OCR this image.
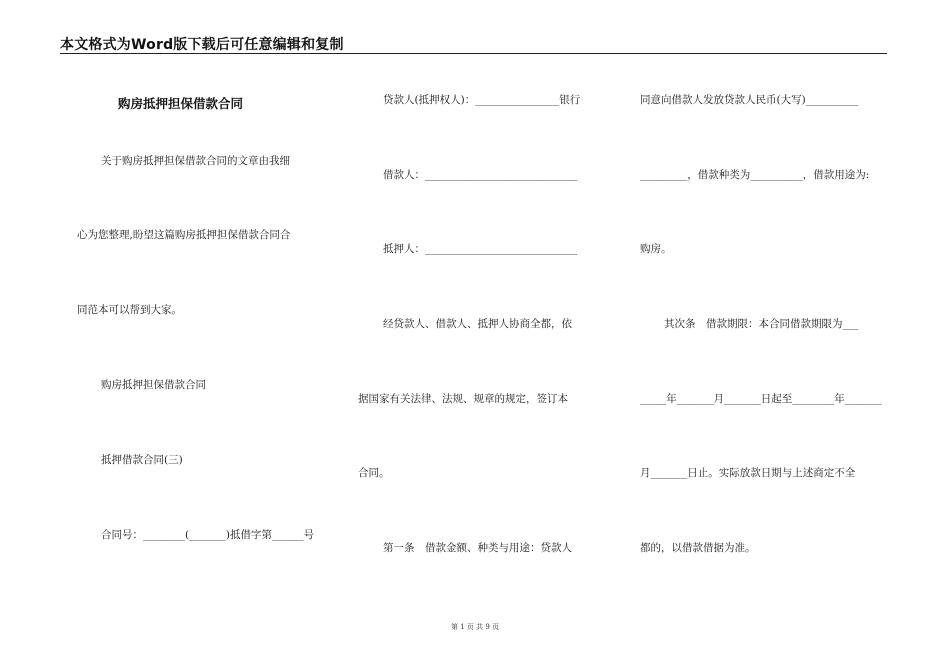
本文格式为Word版下载后可任意编辑和复制
购房抵押担保借款合同
关于购房抵押担保借款合同的文章由我细
心为您整理,盼望这篇购房抵押担保借款合同合
同范本可以帮到大家。
购房抵押担保借款合同
抵押借款合同(三)
合同号：________(_______)抵借字第______号
贷款人(抵押权人)：________________银行
借款人：_____________________________
抵押人：_____________________________
经贷款人、借款人、抵押人协商全都，依
据国家有关法律、法规、规章的规定，签订本
合同。
第一条　借款金额、种类与用途：贷款人
同意向借款人发放贷款人民币(大写)__________
_________，借款种类为__________，借款用途为:
购房。
其次条　借款期限：本合同借款期限为___
_____年_______月_______日起至________年_______
月_______日止。实际放款日期与上述商定不全
都的，以借款借据为准。
第 1 页 共 9 页
